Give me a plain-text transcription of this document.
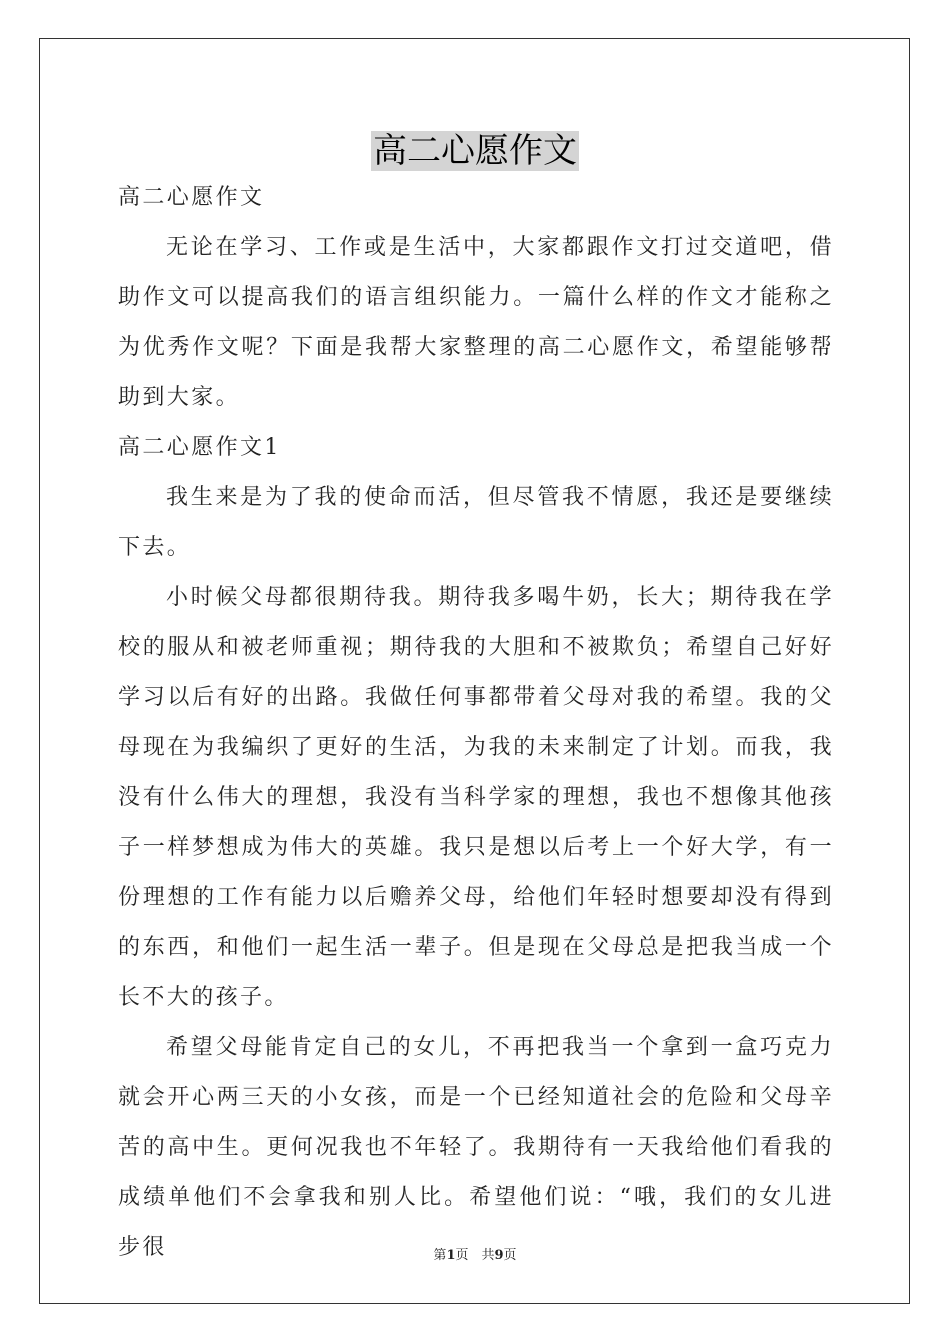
高二心愿作文

高二心愿作文

无论在学习、工作或是生活中，大家都跟作文打过交道吧，借助作文可以提高我们的语言组织能力。一篇什么样的作文才能称之为优秀作文呢？下面是我帮大家整理的高二心愿作文，希望能够帮助到大家。

高二心愿作文1

我生来是为了我的使命而活，但尽管我不情愿，我还是要继续下去。

小时候父母都很期待我。期待我多喝牛奶，长大；期待我在学校的服从和被老师重视；期待我的大胆和不被欺负；希望自己好好学习以后有好的出路。我做任何事都带着父母对我的希望。我的父母现在为我编织了更好的生活，为我的未来制定了计划。而我，我没有什么伟大的理想，我没有当科学家的理想，我也不想像其他孩子一样梦想成为伟大的英雄。我只是想以后考上一个好大学，有一份理想的工作有能力以后赡养父母，给他们年轻时想要却没有得到的东西，和他们一起生活一辈子。但是现在父母总是把我当成一个长不大的孩子。

希望父母能肯定自己的女儿，不再把我当一个拿到一盒巧克力就会开心两三天的小女孩，而是一个已经知道社会的危险和父母辛苦的高中生。更何况我也不年轻了。我期待有一天我给他们看我的成绩单他们不会拿我和别人比。希望他们说：“哦，我们的女儿进步很	第1页　共9页
